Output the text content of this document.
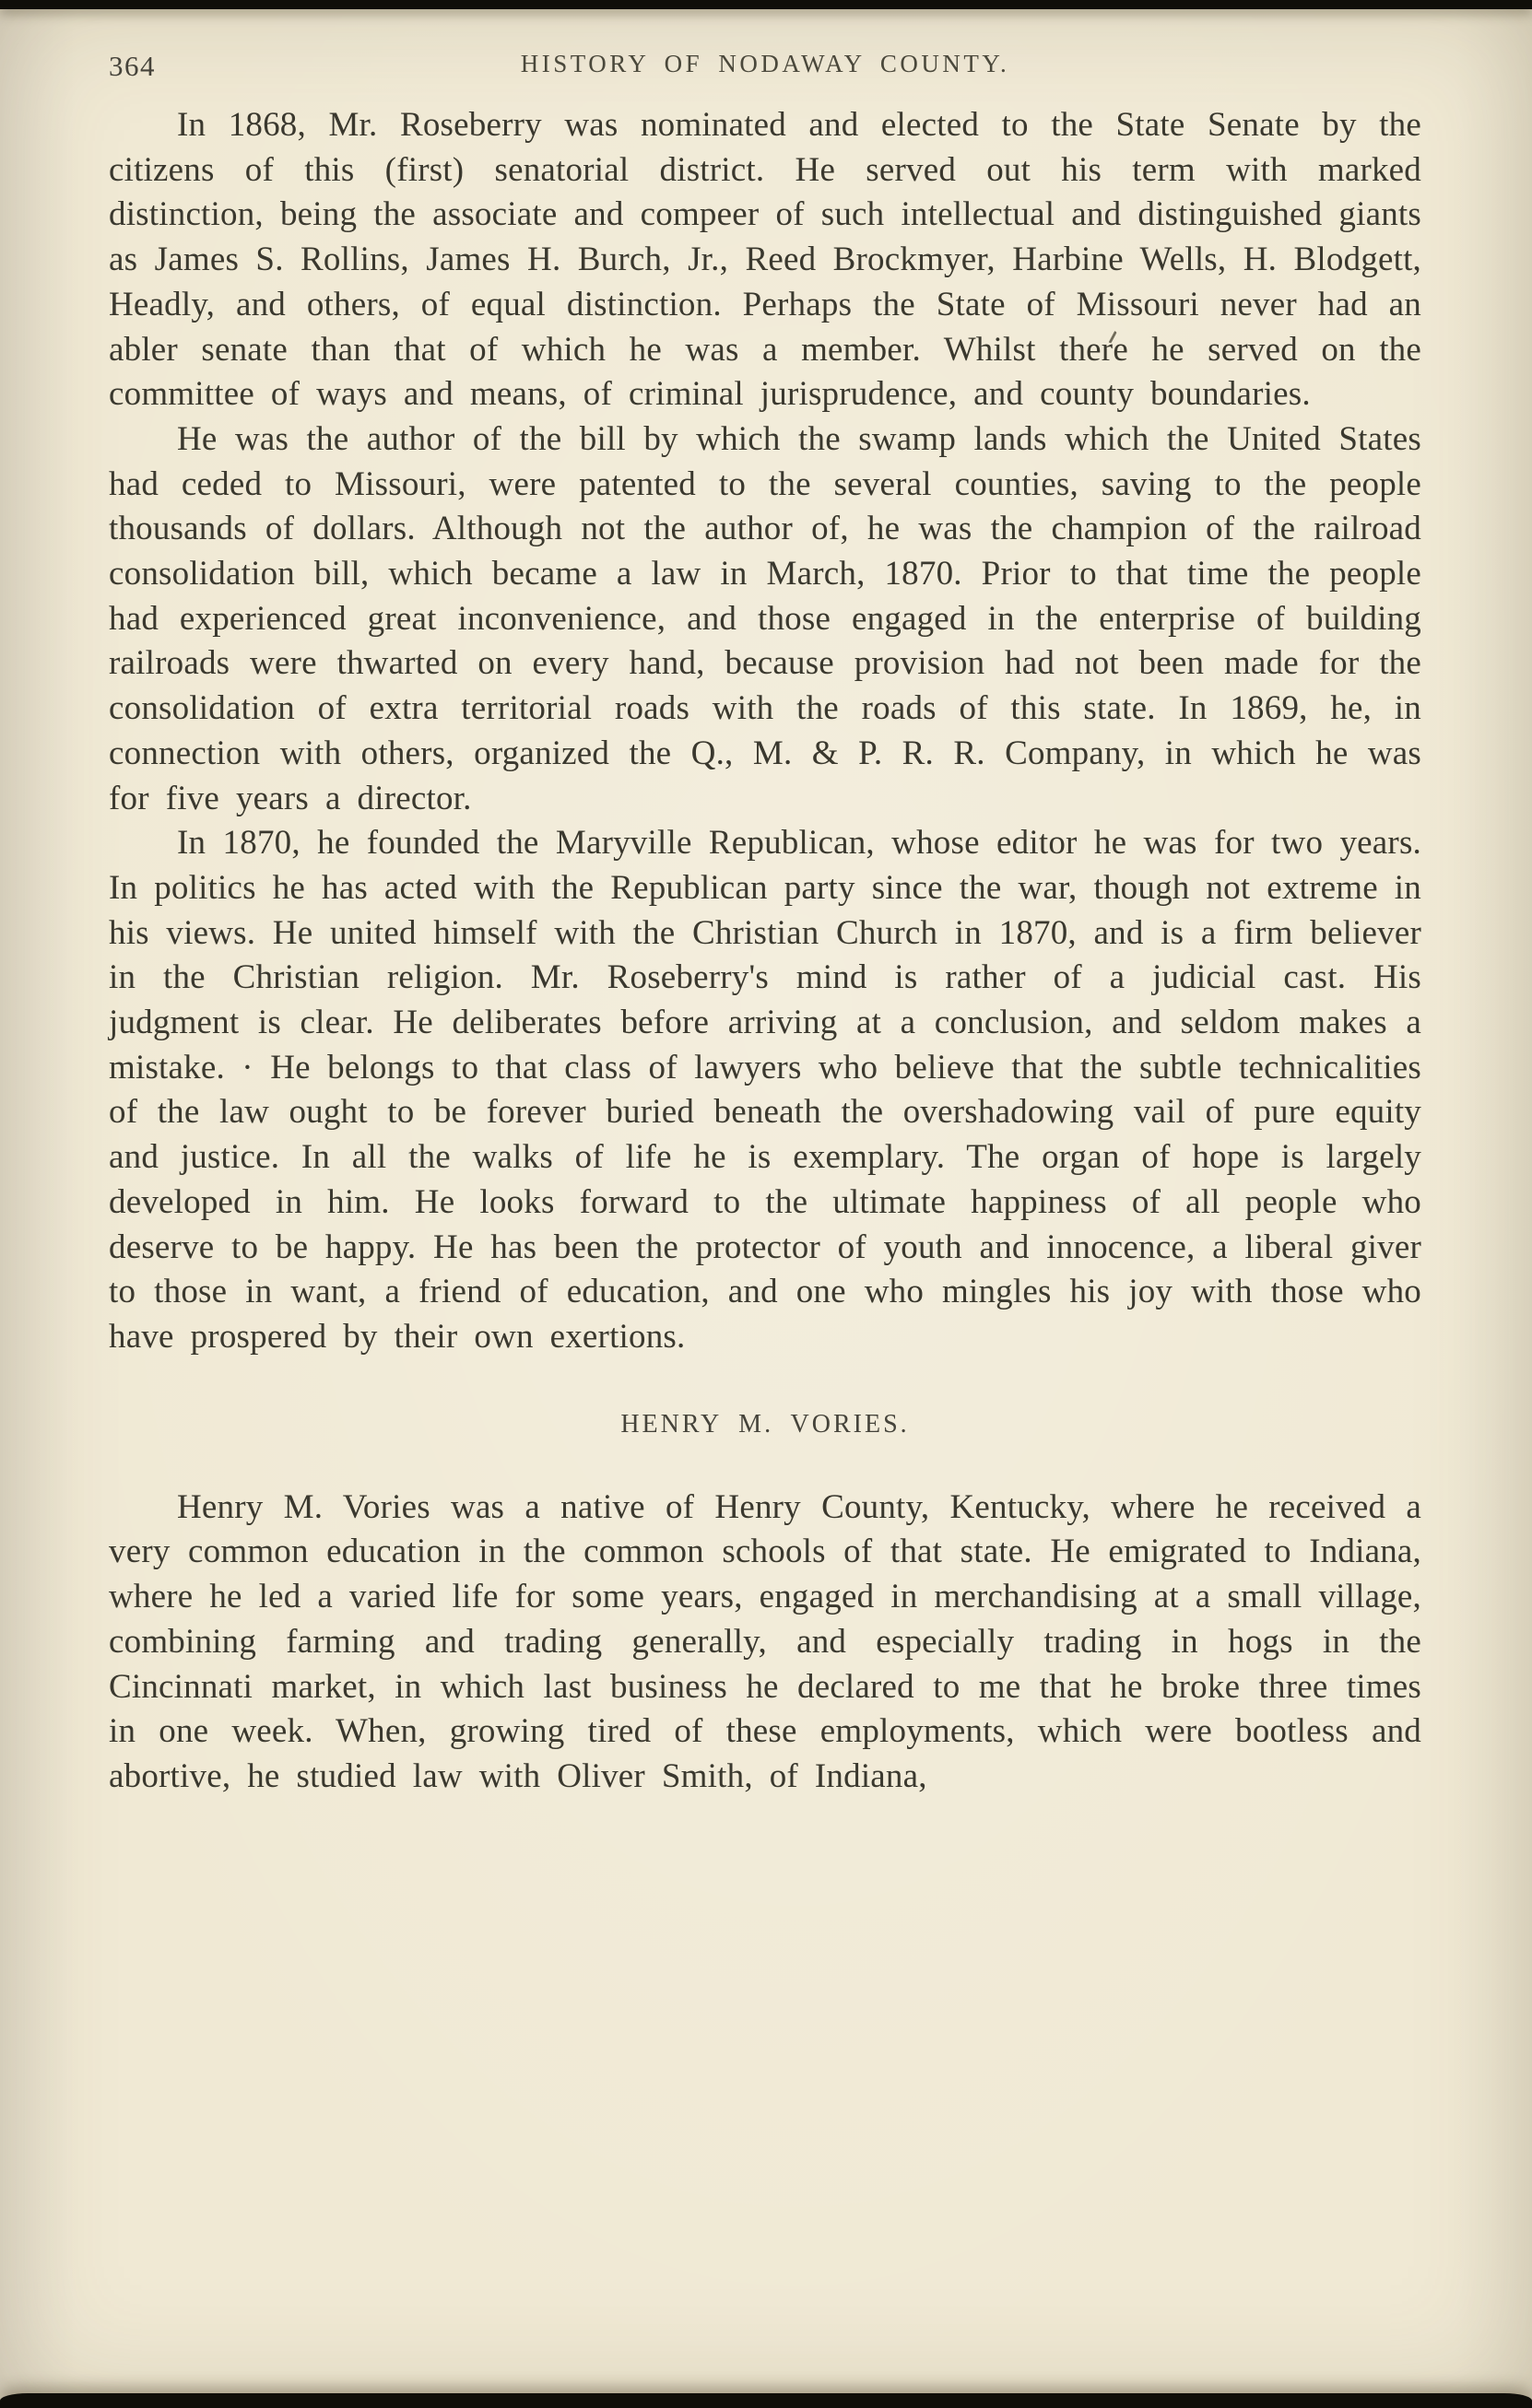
364	HISTORY OF NODAWAY COUNTY.

In 1868, Mr. Roseberry was nominated and elected to the State Senate by the citizens of this (first) senatorial district. He served out his term with marked distinction, being the associate and compeer of such intellectual and distinguished giants as James S. Rollins, James H. Burch, Jr., Reed Brockmyer, Harbine Wells, H. Blodgett, Headly, and others, of equal distinction. Perhaps the State of Missouri never had an abler senate than that of which he was a member. Whilst there he served on the committee of ways and means, of criminal jurisprudence, and county boundaries.

He was the author of the bill by which the swamp lands which the United States had ceded to Missouri, were patented to the several counties, saving to the people thousands of dollars. Although not the author of, he was the champion of the railroad consolidation bill, which became a law in March, 1870. Prior to that time the people had experienced great inconvenience, and those engaged in the enterprise of building railroads were thwarted on every hand, because provision had not been made for the consolidation of extra territorial roads with the roads of this state. In 1869, he, in connection with others, organized the Q., M. & P. R. R. Company, in which he was for five years a director.

In 1870, he founded the Maryville Republican, whose editor he was for two years. In politics he has acted with the Republican party since the war, though not extreme in his views. He united himself with the Christian Church in 1870, and is a firm believer in the Christian religion. Mr. Roseberry's mind is rather of a judicial cast. His judgment is clear. He deliberates before arriving at a conclusion, and seldom makes a mistake. · He belongs to that class of lawyers who believe that the subtle technicalities of the law ought to be forever buried beneath the overshadowing vail of pure equity and justice. In all the walks of life he is exemplary. The organ of hope is largely developed in him. He looks forward to the ultimate happiness of all people who deserve to be happy. He has been the protector of youth and innocence, a liberal giver to those in want, a friend of education, and one who mingles his joy with those who have prospered by their own exertions.

HENRY M. VORIES.

Henry M. Vories was a native of Henry County, Kentucky, where he received a very common education in the common schools of that state. He emigrated to Indiana, where he led a varied life for some years, engaged in merchandising at a small village, combining farming and trading generally, and especially trading in hogs in the Cincinnati market, in which last business he declared to me that he broke three times in one week. When, growing tired of these employments, which were bootless and abortive, he studied law with Oliver Smith, of Indiana,
